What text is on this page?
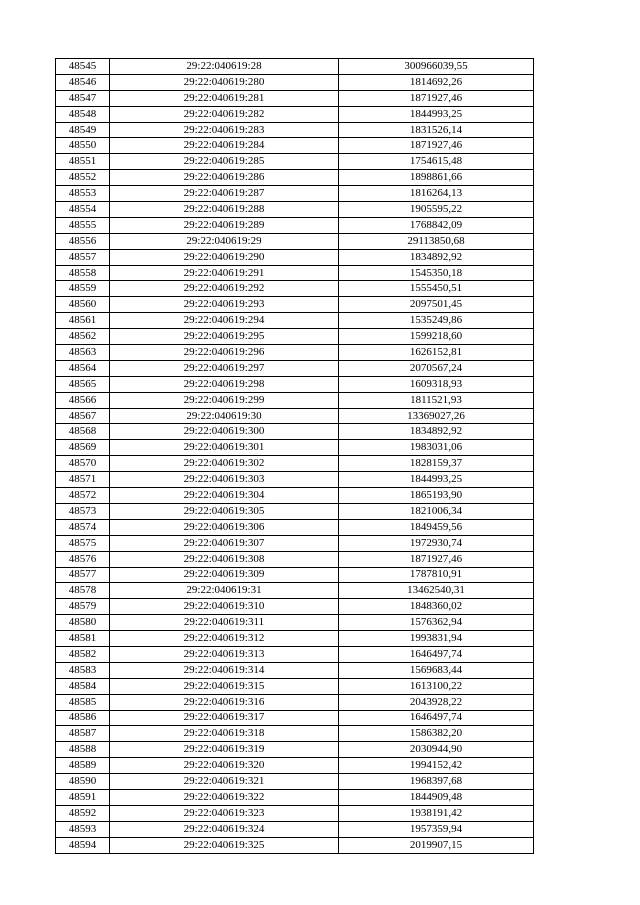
48545	29:22:040619:28	300966039,55
48546	29:22:040619:280	1814692,26
48547	29:22:040619:281	1871927,46
48548	29:22:040619:282	1844993,25
48549	29:22:040619:283	1831526,14
48550	29:22:040619:284	1871927,46
48551	29:22:040619:285	1754615,48
48552	29:22:040619:286	1898861,66
48553	29:22:040619:287	1816264,13
48554	29:22:040619:288	1905595,22
48555	29:22:040619:289	1768842,09
48556	29:22:040619:29	29113850,68
48557	29:22:040619:290	1834892,92
48558	29:22:040619:291	1545350,18
48559	29:22:040619:292	1555450,51
48560	29:22:040619:293	2097501,45
48561	29:22:040619:294	1535249,86
48562	29:22:040619:295	1599218,60
48563	29:22:040619:296	1626152,81
48564	29:22:040619:297	2070567,24
48565	29:22:040619:298	1609318,93
48566	29:22:040619:299	1811521,93
48567	29:22:040619:30	13369027,26
48568	29:22:040619:300	1834892,92
48569	29:22:040619:301	1983031,06
48570	29:22:040619:302	1828159,37
48571	29:22:040619:303	1844993,25
48572	29:22:040619:304	1865193,90
48573	29:22:040619:305	1821006,34
48574	29:22:040619:306	1849459,56
48575	29:22:040619:307	1972930,74
48576	29:22:040619:308	1871927,46
48577	29:22:040619:309	1787810,91
48578	29:22:040619:31	13462540,31
48579	29:22:040619:310	1848360,02
48580	29:22:040619:311	1576362,94
48581	29:22:040619:312	1993831,94
48582	29:22:040619:313	1646497,74
48583	29:22:040619:314	1569683,44
48584	29:22:040619:315	1613100,22
48585	29:22:040619:316	2043928,22
48586	29:22:040619:317	1646497,74
48587	29:22:040619:318	1586382,20
48588	29:22:040619:319	2030944,90
48589	29:22:040619:320	1994152,42
48590	29:22:040619:321	1968397,68
48591	29:22:040619:322	1844909,48
48592	29:22:040619:323	1938191,42
48593	29:22:040619:324	1957359,94
48594	29:22:040619:325	2019907,15
